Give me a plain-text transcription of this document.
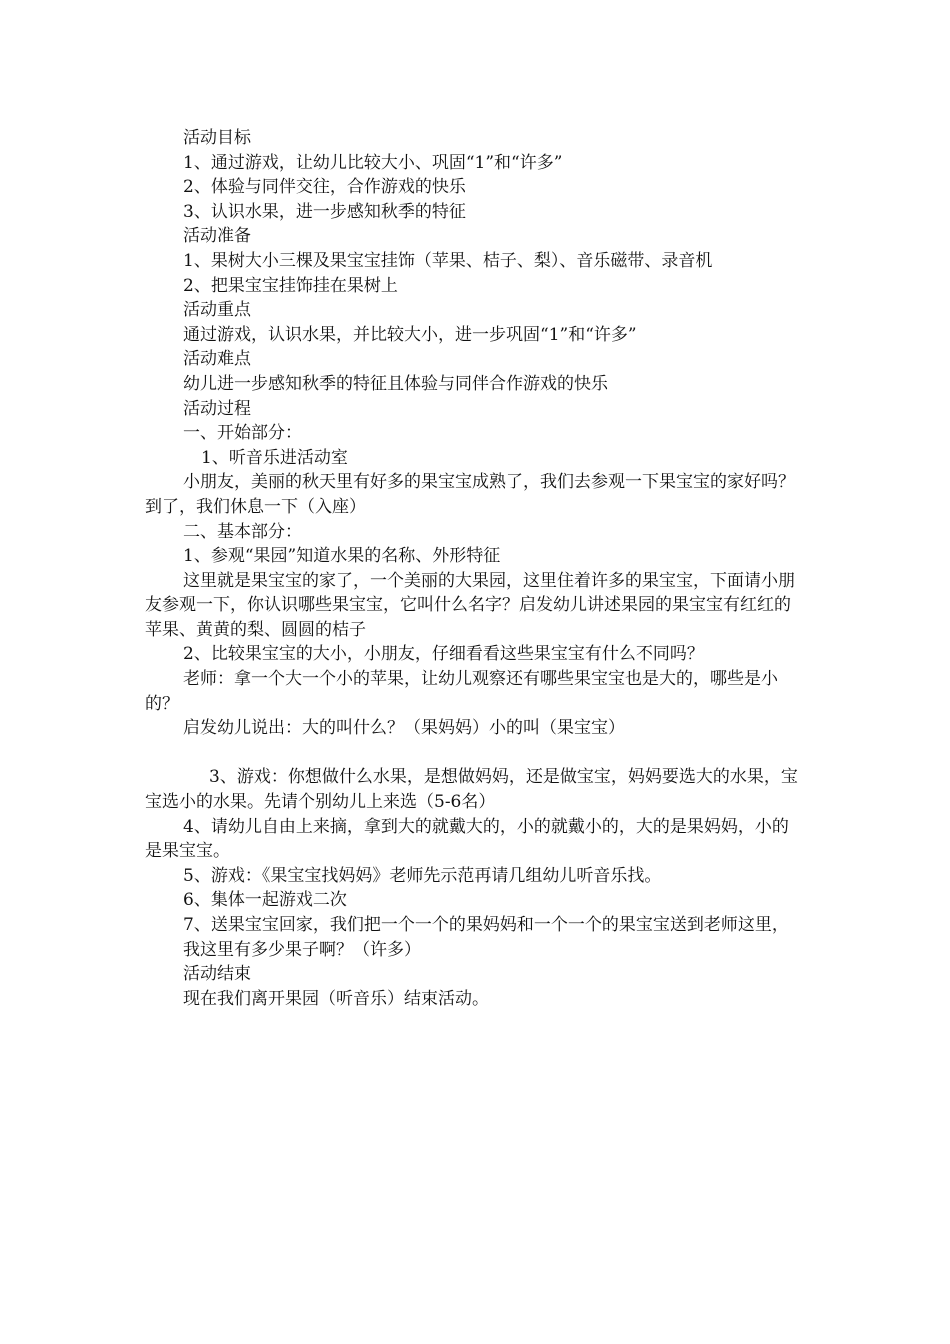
活动目标

1、通过游戏，让幼儿比较大小、巩固“1”和“许多”

2、体验与同伴交往，合作游戏的快乐

3、认识水果，进一步感知秋季的特征

活动准备

1、果树大小三棵及果宝宝挂饰（苹果、桔子、梨）、音乐磁带、录音机

2、把果宝宝挂饰挂在果树上

活动重点

通过游戏，认识水果，并比较大小，进一步巩固“1”和“许多”

活动难点

幼儿进一步感知秋季的特征且体验与同伴合作游戏的快乐

活动过程

一、开始部分：

1、听音乐进活动室

小朋友，美丽的秋天里有好多的果宝宝成熟了，我们去参观一下果宝宝的家好吗？到了，我们休息一下（入座）

二、基本部分：

1、参观“果园”知道水果的名称、外形特征

这里就是果宝宝的家了，一个美丽的大果园，这里住着许多的果宝宝，下面请小朋友参观一下，你认识哪些果宝宝，它叫什么名字？启发幼儿讲述果园的果宝宝有红红的苹果、黄黄的梨、圆圆的桔子

2、比较果宝宝的大小，小朋友，仔细看看这些果宝宝有什么不同吗？

老师：拿一个大一个小的苹果，让幼儿观察还有哪些果宝宝也是大的，哪些是小的？

启发幼儿说出：大的叫什么？（果妈妈）小的叫（果宝宝）

3、游戏：你想做什么水果，是想做妈妈，还是做宝宝，妈妈要选大的水果，宝宝选小的水果。先请个别幼儿上来选（5-6名）

4、请幼儿自由上来摘，拿到大的就戴大的，小的就戴小的，大的是果妈妈，小的是果宝宝。

5、游戏：《果宝宝找妈妈》老师先示范再请几组幼儿听音乐找。

6、集体一起游戏二次

7、送果宝宝回家，我们把一个一个的果妈妈和一个一个的果宝宝送到老师这里，

我这里有多少果子啊？（许多）

活动结束

现在我们离开果园（听音乐）结束活动。
